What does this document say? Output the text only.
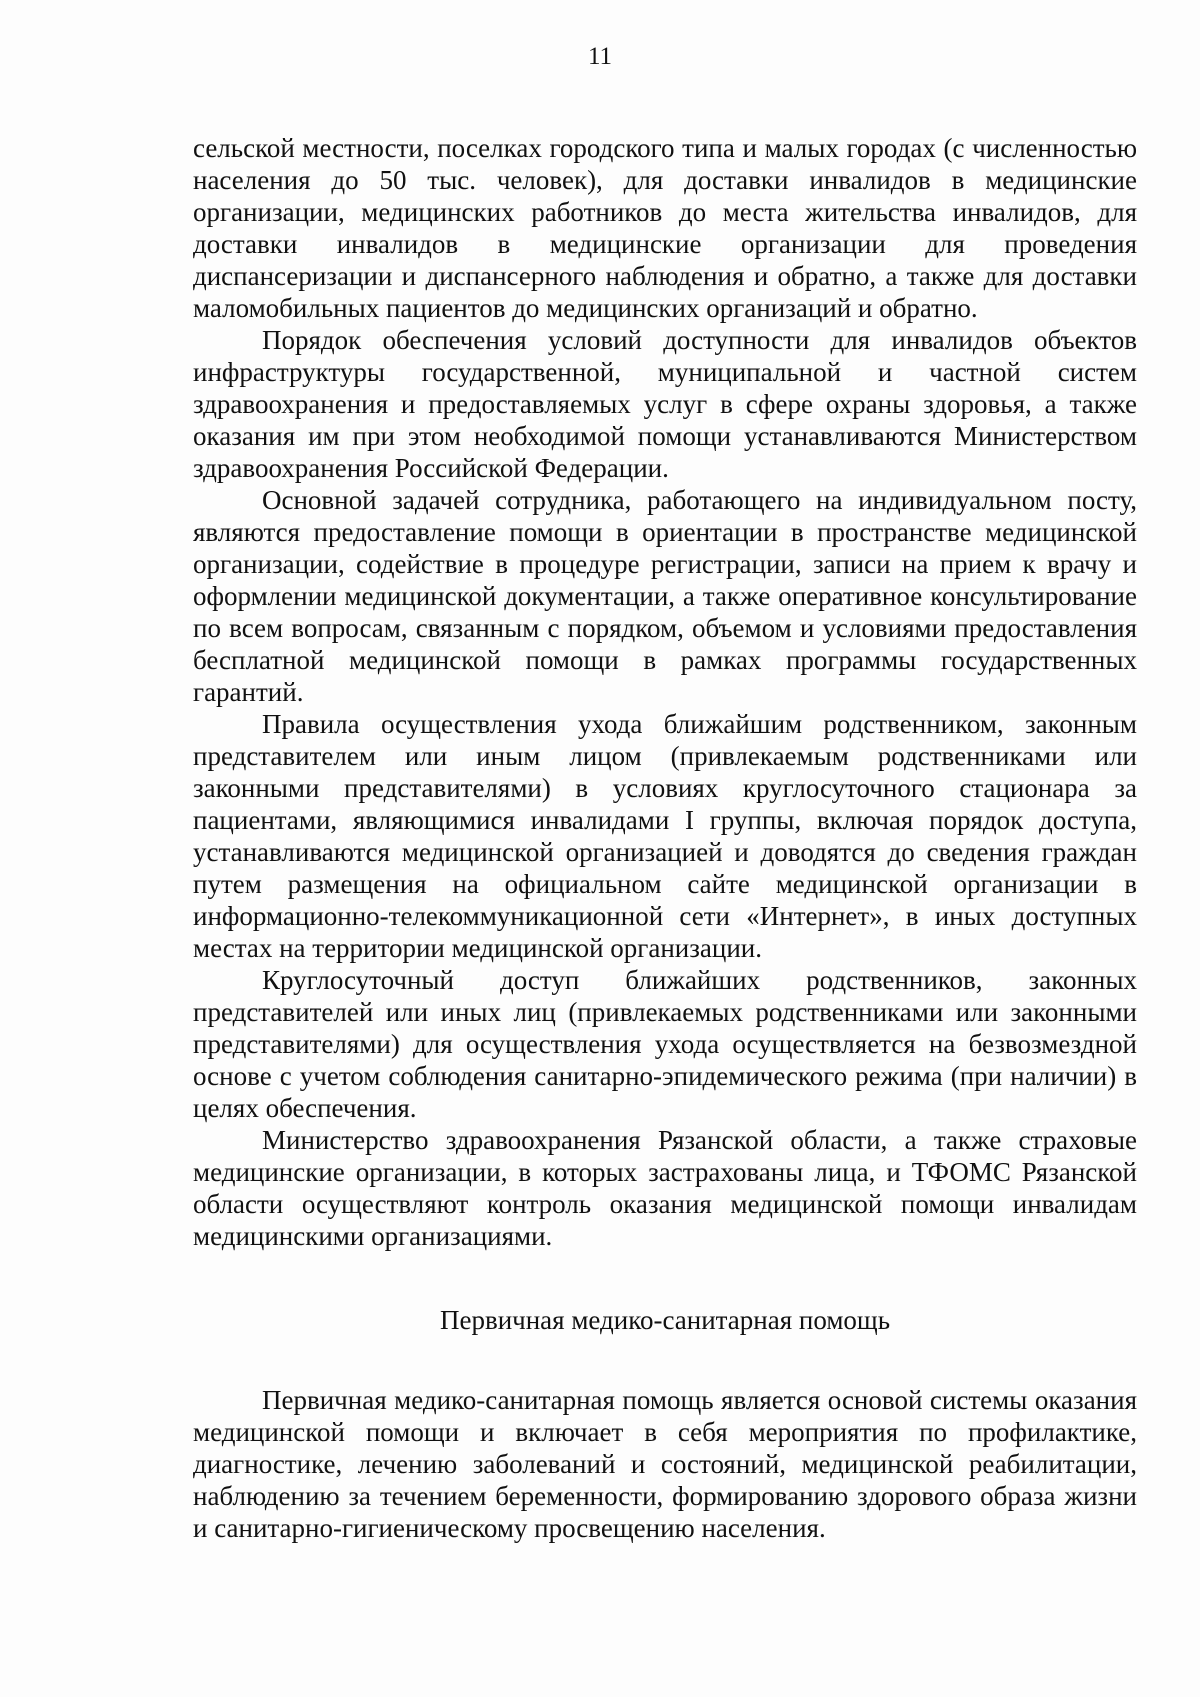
11

сельской местности, поселках городского типа и малых городах (с численностью населения до 50 тыс. человек), для доставки инвалидов в медицинские организации, медицинских работников до места жительства инвалидов, для доставки инвалидов в медицинские организации для проведения диспансеризации и диспансерного наблюдения и обратно, а также для доставки маломобильных пациентов до медицинских организаций и обратно.

Порядок обеспечения условий доступности для инвалидов объектов инфраструктуры государственной, муниципальной и частной систем здравоохранения и предоставляемых услуг в сфере охраны здоровья, а также оказания им при этом необходимой помощи устанавливаются Министерством здравоохранения Российской Федерации.

Основной задачей сотрудника, работающего на индивидуальном посту, являются предоставление помощи в ориентации в пространстве медицинской организации, содействие в процедуре регистрации, записи на прием к врачу и оформлении медицинской документации, а также оперативное консультирование по всем вопросам, связанным с порядком, объемом и условиями предоставления бесплатной медицинской помощи в рамках программы государственных гарантий.

Правила осуществления ухода ближайшим родственником, законным представителем или иным лицом (привлекаемым родственниками или законными представителями) в условиях круглосуточного стационара за пациентами, являющимися инвалидами I группы, включая порядок доступа, устанавливаются медицинской организацией и доводятся до сведения граждан путем размещения на официальном сайте медицинской организации в информационно-телекоммуникационной сети «Интернет», в иных доступных местах на территории медицинской организации.

Круглосуточный доступ ближайших родственников, законных представителей или иных лиц (привлекаемых родственниками или законными представителями) для осуществления ухода осуществляется на безвозмездной основе с учетом соблюдения санитарно-эпидемического режима (при наличии) в целях обеспечения.

Министерство здравоохранения Рязанской области, а также страховые медицинские организации, в которых застрахованы лица, и ТФОМС Рязанской области осуществляют контроль оказания медицинской помощи инвалидам медицинскими организациями.

Первичная медико-санитарная помощь

Первичная медико-санитарная помощь является основой системы оказания медицинской помощи и включает в себя мероприятия по профилактике, диагностике, лечению заболеваний и состояний, медицинской реабилитации, наблюдению за течением беременности, формированию здорового образа жизни и санитарно-гигиеническому просвещению населения.
